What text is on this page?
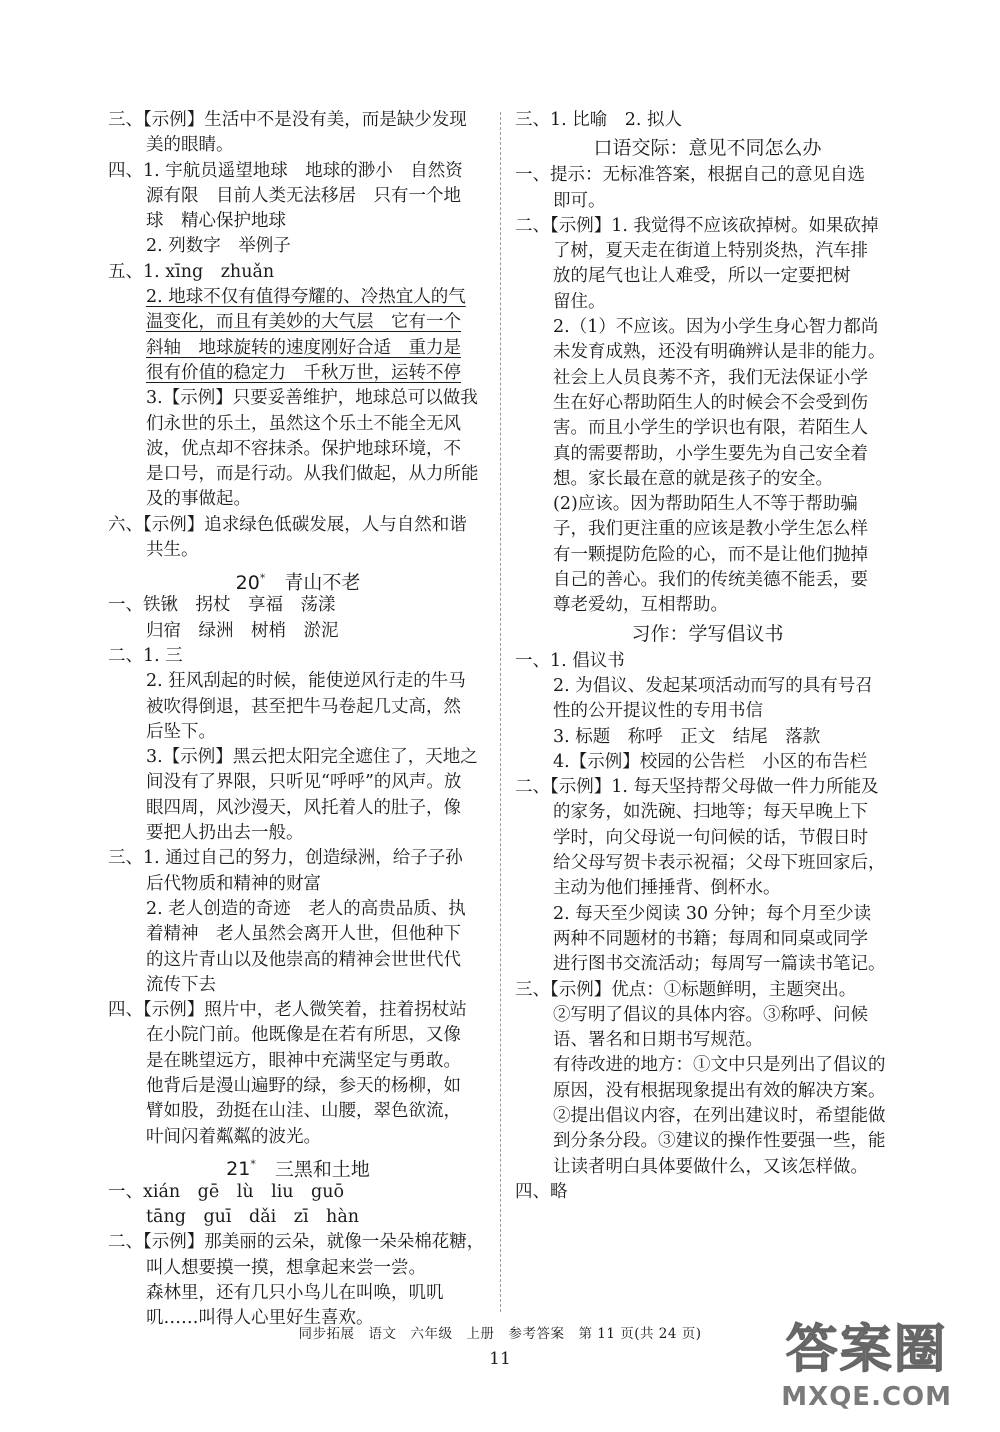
三、【示例】生活中不是没有美，而是缺少发现
美的眼睛。
四、1. 宇航员遥望地球　地球的渺小　自然资
源有限　目前人类无法移居　只有一个地
球　精心保护地球
2. 列数字　举例子
五、1. xīng　zhuǎn
2. 地球不仅有值得夸耀的、冷热宜人的气
温变化，而且有美妙的大气层　它有一个
斜轴　地球旋转的速度刚好合适　重力是
很有价值的稳定力　千秋万世，运转不停
3.【示例】只要妥善维护，地球总可以做我
们永世的乐土，虽然这个乐土不能全无风
波，优点却不容抹杀。保护地球环境，不
是口号，而是行动。从我们做起，从力所能
及的事做起。
六、【示例】追求绿色低碳发展，人与自然和谐
共生。
20*　 青山不老
一、铁锹　拐杖　享福　荡漾
归宿　绿洲　树梢　淤泥
二、1. 三
2. 狂风刮起的时候，能使逆风行走的牛马
被吹得倒退，甚至把牛马卷起几丈高，然
后坠下。
3.【示例】黑云把太阳完全遮住了，天地之
间没有了界限，只听见“呼呼”的风声。放
眼四周，风沙漫天，风托着人的肚子，像
要把人扔出去一般。
三、1. 通过自己的努力，创造绿洲，给子子孙
后代物质和精神的财富
2. 老人创造的奇迹　老人的高贵品质、执
着精神　老人虽然会离开人世，但他种下
的这片青山以及他崇高的精神会世世代代
流传下去
四、【示例】照片中，老人微笑着，拄着拐杖站
在小院门前。他既像是在若有所思，又像
是在眺望远方，眼神中充满坚定与勇敢。
他背后是漫山遍野的绿，参天的杨柳，如
臂如股，劲挺在山洼、山腰，翠色欲流，
叶间闪着粼粼的波光。
21*　 三黑和土地
一、xián　gē　lù　liu　guō
tāng　guī　dǎi　zī　hàn
二、【示例】那美丽的云朵，就像一朵朵棉花糖，
叫人想要摸一摸，想拿起来尝一尝。
森林里，还有几只小鸟儿在叫唤，叽叽
叽……叫得人心里好生喜欢。
三、1. 比喻　2. 拟人
口语交际：意见不同怎么办
一、提示：无标准答案，根据自己的意见自选
即可。
二、【示例】1. 我觉得不应该砍掉树。如果砍掉
了树，夏天走在街道上特别炎热，汽车排
放的尾气也让人难受，所以一定要把树
留住。
2.（1）不应该。因为小学生身心智力都尚
未发育成熟，还没有明确辨认是非的能力。
社会上人员良莠不齐，我们无法保证小学
生在好心帮助陌生人的时候会不会受到伤
害。而且小学生的学识也有限，若陌生人
真的需要帮助，小学生要先为自己安全着
想。家长最在意的就是孩子的安全。
(2)应该。因为帮助陌生人不等于帮助骗
子，我们更注重的应该是教小学生怎么样
有一颗提防危险的心，而不是让他们抛掉
自己的善心。我们的传统美德不能丢，要
尊老爱幼，互相帮助。
习作：学写倡议书
一、1. 倡议书
2. 为倡议、发起某项活动而写的具有号召
性的公开提议性的专用书信
3. 标题　称呼　正文　结尾　落款
4.【示例】校园的公告栏　小区的布告栏
二、【示例】1. 每天坚持帮父母做一件力所能及
的家务，如洗碗、扫地等；每天早晚上下
学时，向父母说一句问候的话，节假日时
给父母写贺卡表示祝福；父母下班回家后，
主动为他们捶捶背、倒杯水。
2. 每天至少阅读 30 分钟；每个月至少读
两种不同题材的书籍；每周和同桌或同学
进行图书交流活动；每周写一篇读书笔记。
三、【示例】优点：①标题鲜明，主题突出。
②写明了倡议的具体内容。③称呼、问候
语、署名和日期书写规范。
有待改进的地方：①文中只是列出了倡议的
原因，没有根据现象提出有效的解决方案。
②提出倡议内容，在列出建议时，希望能做
到分条分段。③建议的操作性要强一些，能
让读者明白具体要做什么，又该怎样做。
四、略
同步拓展　语文　六年级　上册　参考答案　第 11 页(共 24 页)
11	答案圈
MXQE.COM
